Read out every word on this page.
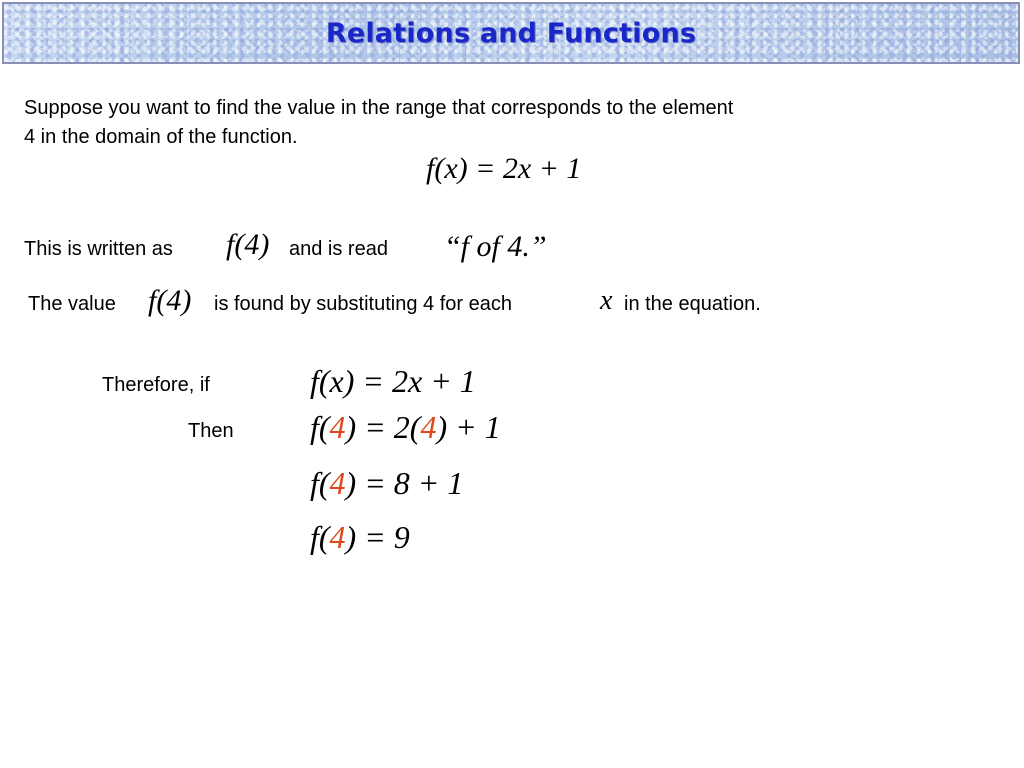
Relations and Functions
Suppose you want to find the value in the range that corresponds to the element
4 in the domain of the function.
f(x) = 2x + 1
This is written as f(4) and is read “f of 4.”
The value f(4) is found by substituting 4 for each	x in the equation.
Therefore, if	f(x) = 2x + 1
Then f(4) = 2(4) + 1
f(4) = 8 + 1
f(4) = 9
